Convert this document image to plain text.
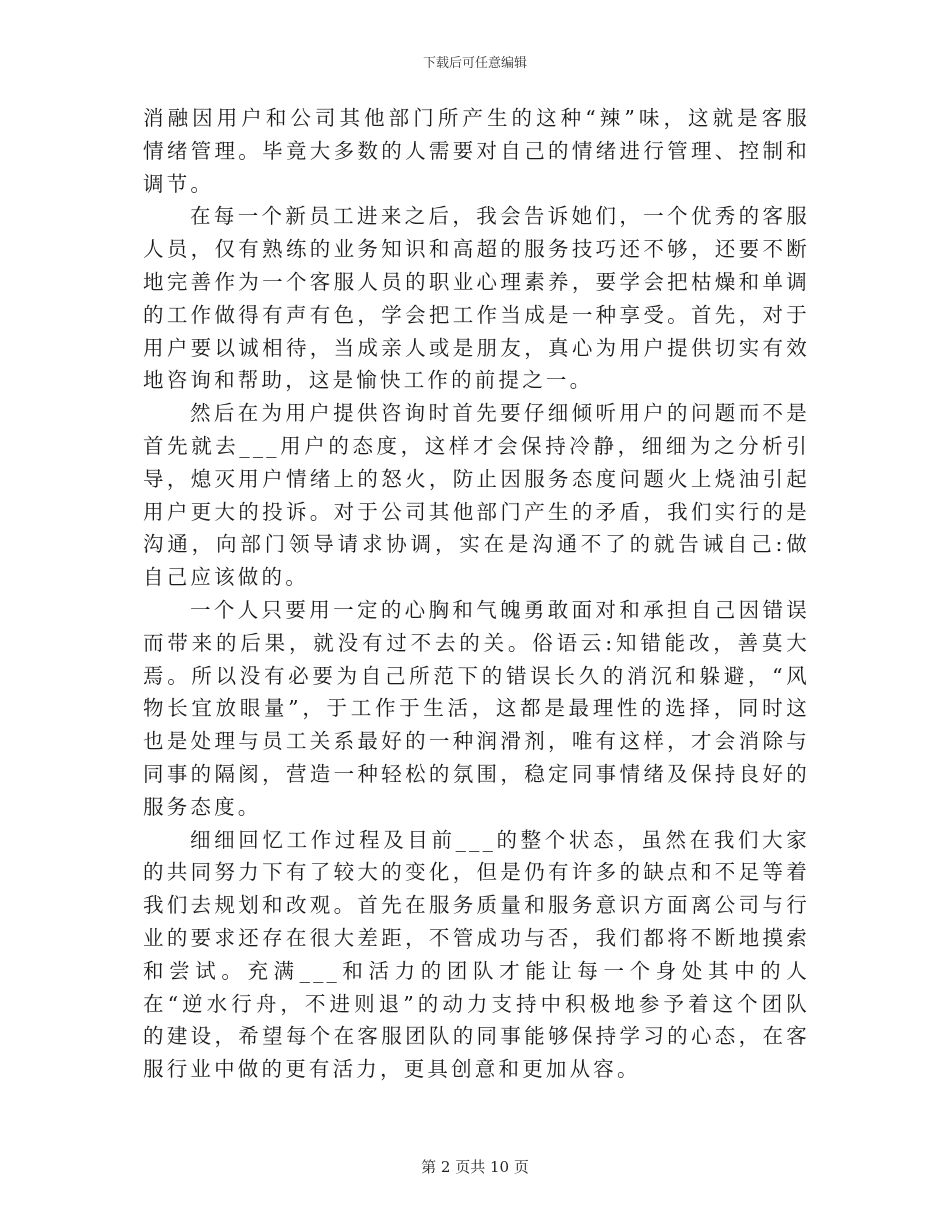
下载后可任意编辑

消融因用户和公司其他部门所产生的这种“辣”味，这就是客服情绪管理。毕竟大多数的人需要对自己的情绪进行管理、控制和调节。

在每一个新员工进来之后，我会告诉她们，一个优秀的客服人员，仅有熟练的业务知识和高超的服务技巧还不够，还要不断地完善作为一个客服人员的职业心理素养，要学会把枯燥和单调的工作做得有声有色，学会把工作当成是一种享受。首先，对于用户要以诚相待，当成亲人或是朋友，真心为用户提供切实有效地咨询和帮助，这是愉快工作的前提之一。

然后在为用户提供咨询时首先要仔细倾听用户的问题而不是首先就去___用户的态度，这样才会保持冷静，细细为之分析引导，熄灭用户情绪上的怒火，防止因服务态度问题火上烧油引起用户更大的投诉。对于公司其他部门产生的矛盾，我们实行的是沟通，向部门领导请求协调，实在是沟通不了的就告诫自己:做自己应该做的。

一个人只要用一定的心胸和气魄勇敢面对和承担自己因错误而带来的后果，就没有过不去的关。俗语云:知错能改，善莫大焉。所以没有必要为自己所范下的错误长久的消沉和躲避，“风物长宜放眼量”，于工作于生活，这都是最理性的选择，同时这也是处理与员工关系最好的一种润滑剂，唯有这样，才会消除与同事的隔阂，营造一种轻松的氛围，稳定同事情绪及保持良好的服务态度。

细细回忆工作过程及目前___的整个状态，虽然在我们大家的共同努力下有了较大的变化，但是仍有许多的缺点和不足等着我们去规划和改观。首先在服务质量和服务意识方面离公司与行业的要求还存在很大差距，不管成功与否，我们都将不断地摸索和尝试。充满___和活力的团队才能让每一个身处其中的人在“逆水行舟，不进则退”的动力支持中积极地参予着这个团队的建设，希望每个在客服团队的同事能够保持学习的心态，在客服行业中做的更有活力，更具创意和更加从容。

第 2 页共 10 页
